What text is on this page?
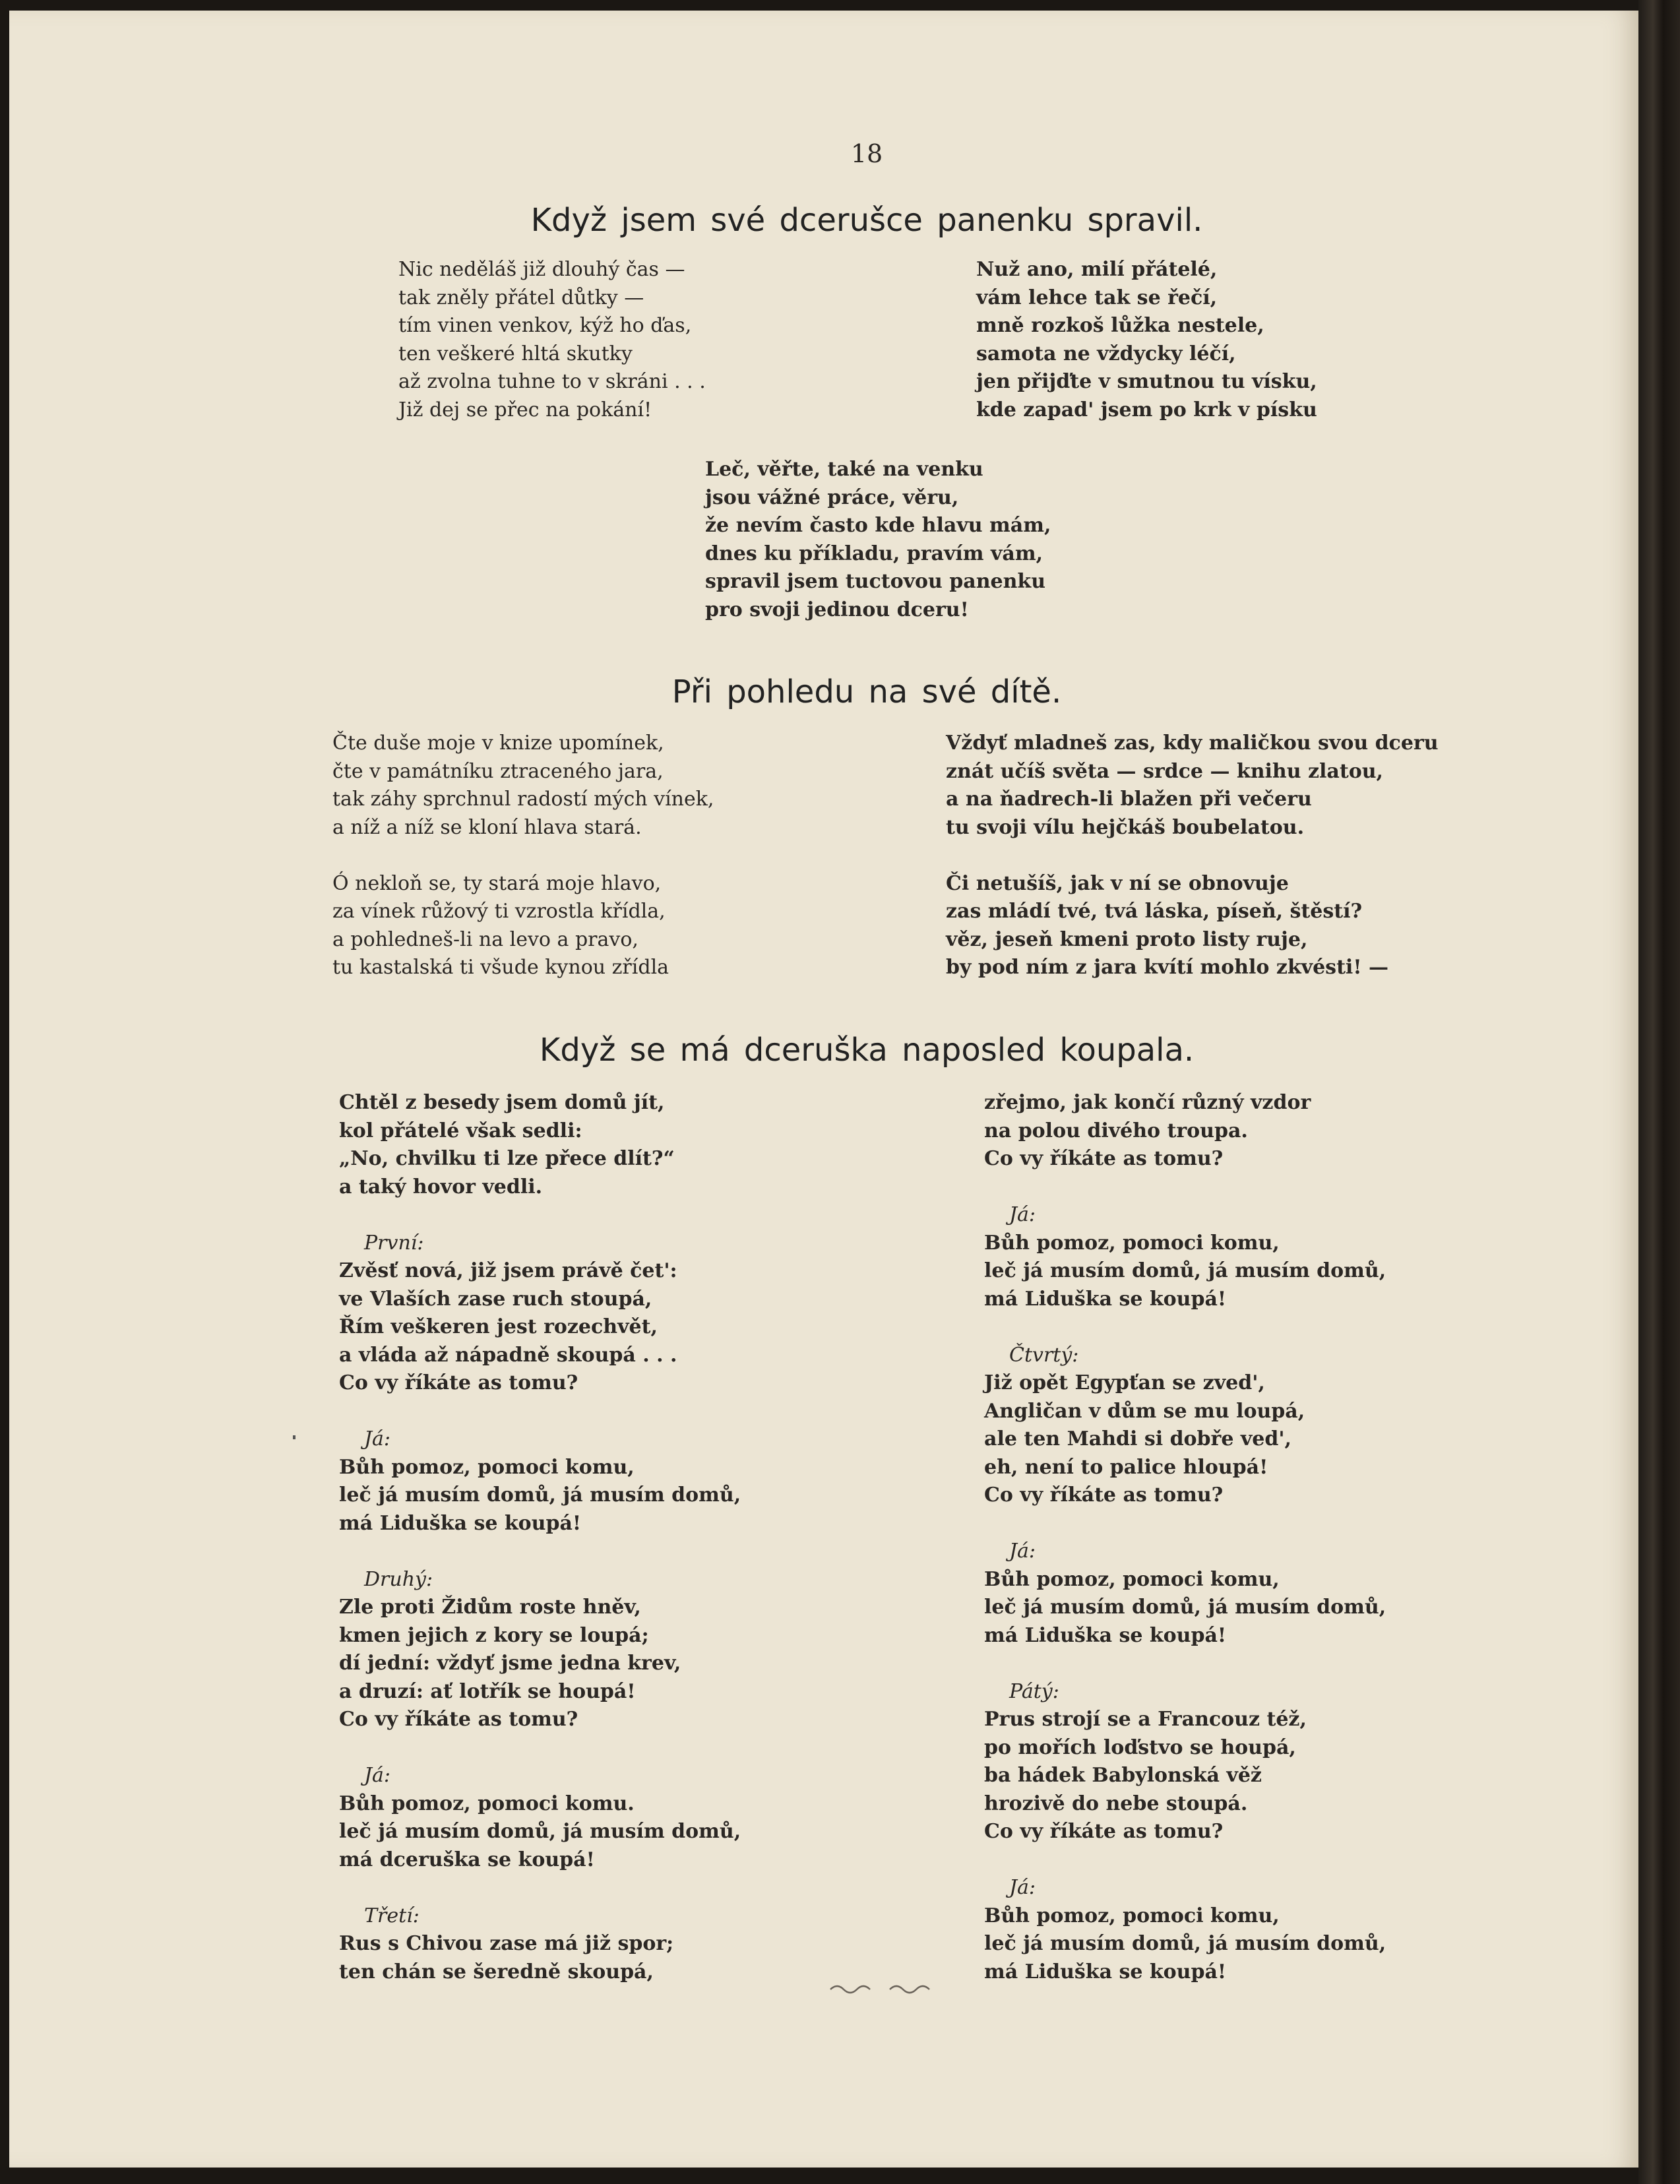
18
Když jsem své dcerušce panenku spravil.
Nic neděláš již dlouhý čas —
tak zněly přátel důtky —
tím vinen venkov, kýž ho ďas,
ten veškeré hltá skutky
až zvolna tuhne to v skráni . . .
Již dej se přec na pokání!
Nuž ano, milí přátelé,
vám lehce tak se řečí,
mně rozkoš lůžka nestele,
samota ne vždycky léčí,
jen přijďte v smutnou tu vísku,
kde zapad' jsem po krk v písku
Leč, věřte, také na venku
jsou vážné práce, věru,
že nevím často kde hlavu mám,
dnes ku příkladu, pravím vám,
spravil jsem tuctovou panenku
pro svoji jedinou dceru!
Při pohledu na své dítě.
Čte duše moje v knize upomínek,
čte v památníku ztraceného jara,
tak záhy sprchnul radostí mých vínek,
a níž a níž se kloní hlava stará.
Ó nekloň se, ty stará moje hlavo,
za vínek růžový ti vzrostla křídla,
a pohledneš-li na levo a pravo,
tu kastalská ti všude kynou zřídla
Vždyť mladneš zas, kdy maličkou svou dceru
znát učíš světa — srdce — knihu zlatou,
a na ňadrech-li blažen při večeru
tu svoji vílu hejčkáš boubelatou.
Či netušíš, jak v ní se obnovuje
zas mládí tvé, tvá láska, píseň, štěstí?
věz, jeseň kmeni proto listy ruje,
by pod ním z jara kvítí mohlo zkvésti! —
Když se má dceruška naposled koupala.
Chtěl z besedy jsem domů jít,
kol přátelé však sedli:
„No, chvilku ti lze přece dlít?“
a taký hovor vedli.
První:
Zvěsť nová, již jsem právě čet':
ve Vlaších zase ruch stoupá,
Řím veškeren jest rozechvět,
a vláda až nápadně skoupá . . .
Co vy říkáte as tomu?
Já:
Bůh pomoz, pomoci komu,
leč já musím domů, já musím domů,
má Liduška se koupá!
Druhý:
Zle proti Židům roste hněv,
kmen jejich z kory se loupá;
dí jední: vždyť jsme jedna krev,
a druzí: ať lotřík se houpá!
Co vy říkáte as tomu?
Já:
Bůh pomoz, pomoci komu.
leč já musím domů, já musím domů,
má dceruška se koupá!
Třetí:
Rus s Chivou zase má již spor;
ten chán se šeredně skoupá,
zřejmo, jak končí různý vzdor
na polou divého troupa.
Co vy říkáte as tomu?
Já:
Bůh pomoz, pomoci komu,
leč já musím domů, já musím domů,
má Liduška se koupá!
Čtvrtý:
Již opět Egypťan se zved',
Angličan v dům se mu loupá,
ale ten Mahdi si dobře ved',
eh, není to palice hloupá!
Co vy říkáte as tomu?
Já:
Bůh pomoz, pomoci komu,
leč já musím domů, já musím domů,
má Liduška se koupá!
Pátý:
Prus strojí se a Francouz též,
po mořích loďstvo se houpá,
ba hádek Babylonská věž
hrozivě do nebe stoupá.
Co vy říkáte as tomu?
Já:
Bůh pomoz, pomoci komu,
leč já musím domů, já musím domů,
má Liduška se koupá!
